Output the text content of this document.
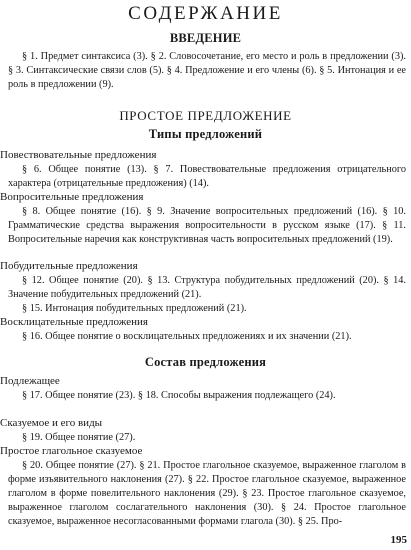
СОДЕРЖАНИЕ
ВВЕДЕНИЕ
§ 1. Предмет синтаксиса (3). § 2. Словосочетание, его место и роль в предложении (3). § 3. Синтаксические связи слов (5). § 4. Предложение и его члены (6). § 5. Интонация и ее роль в предложении (9).
ПРОСТОЕ ПРЕДЛОЖЕНИЕ
Типы предложений
Повествовательные предложения
§ 6. Общее понятие (13). § 7. Повествовательные предложения отрицательного характера (отрицательные предложения) (14).
Вопросительные предложения
§ 8. Общее понятие (16). § 9. Значение вопросительных предложений (16). § 10. Грамматические средства выражения вопросительности в русском языке (17). § 11. Вопросительные наречия как конструктивная часть вопросительных предложений (19).
Побудительные предложения
§ 12. Общее понятие (20). § 13. Структура побудительных предложений (20). § 14. Значение побудительных предложений (21).
§ 15. Интонация побудительных предложений (21).
Восклицательные предложения
§ 16. Общее понятие о восклицательных предложениях и их значении (21).
Состав предложения
Подлежащее
§ 17. Общее понятие (23). § 18. Способы выражения подлежащего (24).
Сказуемое и его виды
§ 19. Общее понятие (27).
Простое глагольное сказуемое
§ 20. Общее понятие (27). § 21. Простое глагольное сказуемое, выраженное глаголом в форме изъявительного наклонения (27). § 22. Простое глагольное сказуемое, выраженное глаголом в форме повелительного наклонения (29). § 23. Простое глагольное сказуемое, выраженное глаголом сослагательного наклонения (30). § 24. Простое глагольное сказуемое, выраженное несогласованными формами глагола (30). § 25. Про-
195
